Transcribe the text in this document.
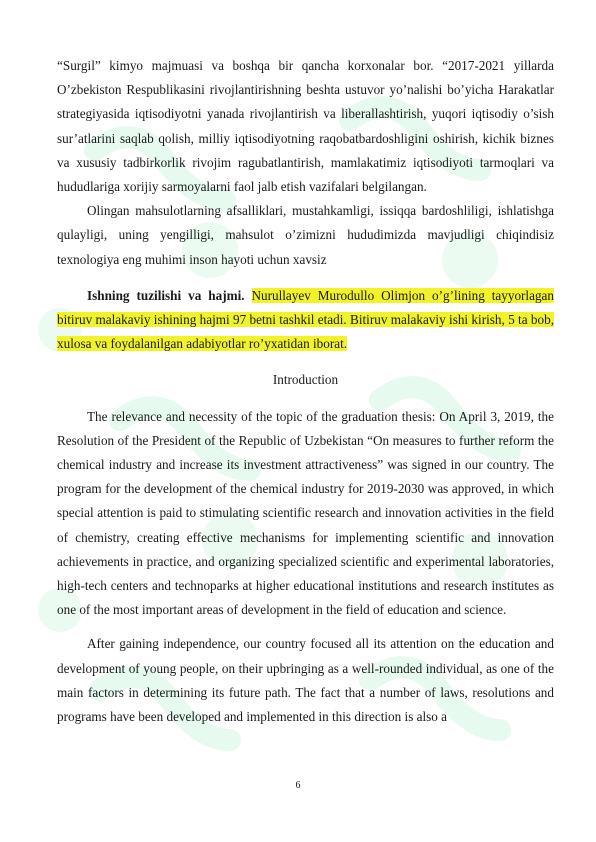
“Surgil” kimyo majmuasi va boshqa bir qancha korxonalar bor. “2017-2021 yillarda O’zbekiston Respublikasini rivojlantirishning beshta ustuvor yo’nalishi bo’yicha Harakatlar strategiyasida iqtisodiyotni yanada rivojlantirish va liberallashtirish, yuqori iqtisodiy o’sish sur’atlarini saqlab qolish, milliy iqtisodiyotning raqobatbardoshligini oshirish, kichik biznes va xususiy tadbirkorlik rivojim ragubatlantirish, mamlakatimiz iqtisodiyoti tarmoqlari va hududlariga xorijiy sarmoyalarni faol jalb etish vazifalari belgilangan.

Olingan mahsulotlarning afsalliklari, mustahkamligi, issiqqa bardoshliligi, ishlatishga qulayligi, uning yengilligi, mahsulot o’zimizni hududimizda mavjudligi chiqindisiz texnologiya eng muhimi inson hayoti uchun xavsiz

Ishning tuzilishi va hajmi. Nurullayev Murodullo Olimjon o’g’lining tayyorlagan bitiruv malakaviy ishining hajmi 97 betni tashkil etadi. Bitiruv malakaviy ishi kirish, 5 ta bob, xulosa va foydalanilgan adabiyotlar ro’yxatidan iborat.

Introduction

The relevance and necessity of the topic of the graduation thesis: On April 3, 2019, the Resolution of the President of the Republic of Uzbekistan “On measures to further reform the chemical industry and increase its investment attractiveness” was signed in our country. The program for the development of the chemical industry for 2019-2030 was approved, in which special attention is paid to stimulating scientific research and innovation activities in the field of chemistry, creating effective mechanisms for implementing scientific and innovation achievements in practice, and organizing specialized scientific and experimental laboratories, high-tech centers and technoparks at higher educational institutions and research institutes as one of the most important areas of development in the field of education and science.

After gaining independence, our country focused all its attention on the education and development of young people, on their upbringing as a well-rounded individual, as one of the main factors in determining its future path. The fact that a number of laws, resolutions and programs have been developed and implemented in this direction is also a

6
